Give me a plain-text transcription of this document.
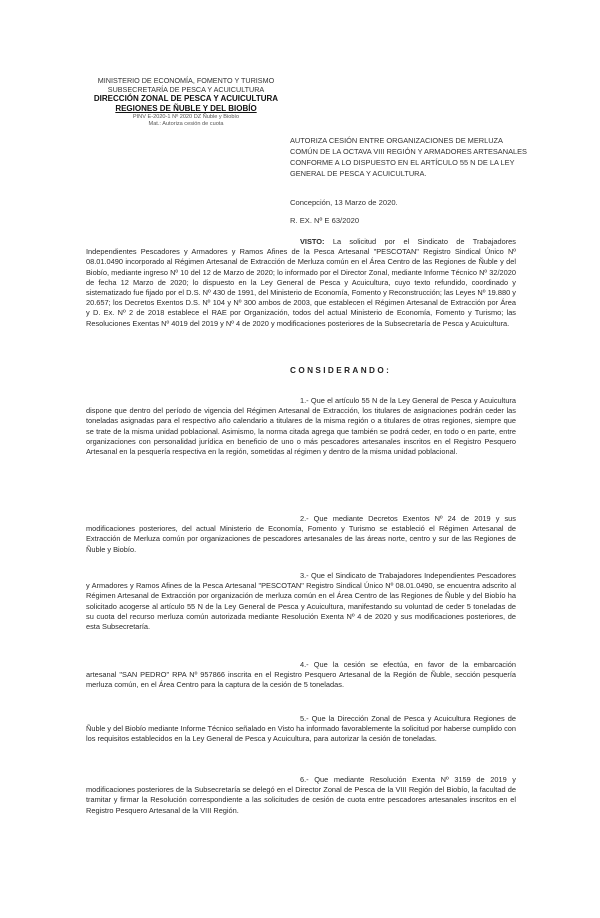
MINISTERIO DE ECONOMÍA, FOMENTO Y TURISMO
SUBSECRETARÍA DE PESCA Y ACUICULTURA
DIRECCIÓN ZONAL DE PESCA Y ACUICULTURA
REGIONES DE ÑUBLE Y DEL BIOBÍO
PINV E-2020-1 Nº 2020 DZ Ñuble y Biobío
Mat.: Autoriza cesión de cuota
AUTORIZA CESIÓN ENTRE ORGANIZACIONES DE MERLUZA COMÚN DE LA OCTAVA VIII REGIÓN Y ARMADORES ARTESANALES CONFORME A LO DISPUESTO EN EL ARTÍCULO 55 N DE LA LEY GENERAL DE PESCA Y ACUICULTURA.
Concepción, 13 Marzo de 2020.
R. EX. Nº E 63/2020
VISTO: La solicitud por el Sindicato de Trabajadores Independientes Pescadores y Armadores y Ramos Afines de la Pesca Artesanal "PESCOTAN" Registro Sindical Único Nº 08.01.0490 incorporado al Régimen Artesanal de Extracción de Merluza común en el Área Centro de las Regiones de Ñuble y del Biobío, mediante ingreso Nº 10 del 12 de Marzo de 2020; lo informado por el Director Zonal, mediante Informe Técnico Nº 32/2020 de fecha 12 Marzo de 2020; lo dispuesto en la Ley General de Pesca y Acuicultura, cuyo texto refundido, coordinado y sistematizado fue fijado por el D.S. Nº 430 de 1991, del Ministerio de Economía, Fomento y Reconstrucción; las Leyes Nº 19.880 y 20.657; los Decretos Exentos D.S. Nº 104 y Nº 300 ambos de 2003, que establecen el Régimen Artesanal de Extracción por Área y D. Ex. Nº 2 de 2018 establece el RAE por Organización, todos del actual Ministerio de Economía, Fomento y Turismo; las Resoluciones Exentas Nº 4019 del 2019 y Nº 4 de 2020 y modificaciones posteriores de la Subsecretaría de Pesca y Acuicultura.
CONSIDERANDO:
1.- Que el artículo 55 N de la Ley General de Pesca y Acuicultura dispone que dentro del período de vigencia del Régimen Artesanal de Extracción, los titulares de asignaciones podrán ceder las toneladas asignadas para el respectivo año calendario a titulares de la misma región o a titulares de otras regiones, siempre que se trate de la misma unidad poblacional. Asimismo, la norma citada agrega que también se podrá ceder, en todo o en parte, entre organizaciones con personalidad jurídica en beneficio de uno o más pescadores artesanales inscritos en el Registro Pesquero Artesanal en la pesquería respectiva en la región, sometidas al régimen y dentro de la misma unidad poblacional.
2.- Que mediante Decretos Exentos Nº 24 de 2019 y sus modificaciones posteriores, del actual Ministerio de Economía, Fomento y Turismo se estableció el Régimen Artesanal de Extracción de Merluza común por organizaciones de pescadores artesanales de las áreas norte, centro y sur de las Regiones de Ñuble y Biobío.
3.- Que el Sindicato de Trabajadores Independientes Pescadores y Armadores y Ramos Afines de la Pesca Artesanal "PESCOTAN" Registro Sindical Único Nº 08.01.0490, se encuentra adscrito al Régimen Artesanal de Extracción por organización de merluza común en el Área Centro de las Regiones de Ñuble y del Biobío ha solicitado acogerse al artículo 55 N de la Ley General de Pesca y Acuicultura, manifestando su voluntad de ceder 5 toneladas de su cuota del recurso merluza común autorizada mediante Resolución Exenta Nº 4 de 2020 y sus modificaciones posteriores, de esta Subsecretaría.
4.- Que la cesión se efectúa, en favor de la embarcación artesanal "SAN PEDRO" RPA Nº 957866 inscrita en el Registro Pesquero Artesanal de la Región de Ñuble, sección pesquería merluza común, en el Área Centro para la captura de la cesión de 5 toneladas.
5.- Que la Dirección Zonal de Pesca y Acuicultura Regiones de Ñuble y del Biobío mediante Informe Técnico señalado en Visto ha informado favorablemente la solicitud por haberse cumplido con los requisitos establecidos en la Ley General de Pesca y Acuicultura, para autorizar la cesión de toneladas.
6.- Que mediante Resolución Exenta Nº 3159 de 2019 y modificaciones posteriores de la Subsecretaría se delegó en el Director Zonal de Pesca de la VIII Región del Biobío, la facultad de tramitar y firmar la Resolución correspondiente a las solicitudes de cesión de cuota entre pescadores artesanales inscritos en el Registro Pesquero Artesanal de la VIII Región.
